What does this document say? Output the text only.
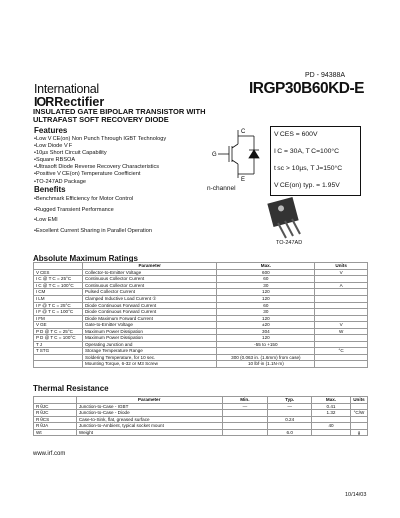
PD - 94388A
International
IOR Rectifier
IRGP30B60KD-E
INSULATED GATE BIPOLAR TRANSISTOR WITH
ULTRAFAST SOFT RECOVERY DIODE
Features
• Low V CE(on) Non Punch Through IGBT Technology
• Low Diode V F
• 10µs Short Circuit Capability
• Square RBSOA
• Ultrasoft Diode Reverse Recovery Characteristics
• Positive V CE(on) Temperature Coefficient
• TO-247AD Package
Benefits
• Benchmark Efficiency for Motor Control
• Rugged Transient Performance
• Low EMI
• Excellent Current Sharing in Parallel Operation
C
G
E
n-channel
V CES = 600V
I C = 30A, T C=100°C
t sc > 10µs, T J=150°C
V CE(on) typ. = 1.95V
TO-247AD
Absolute Maximum Ratings
	Parameter	Max.	Units
V CES	Collector-to-Emitter Voltage	600	V
I C @ T C = 25°C	Continuous Collector Current	60	
I C @ T C = 100°C	Continuous Collector Current	30	A
I CM	Pulsed Collector Current	120	
I LM	Clamped Inductive Load Current ①	120	
I F @ T C = 25°C	Diode Continuous Forward Current	60	
I F @ T C = 100°C	Diode Continuous Forward Current	30	
I FM	Diode Maximum Forward Current	120	
V GE	Gate-to-Emitter Voltage	±20	V
P D @ T C = 25°C	Maximum Power Dissipation	304	W
P D @ T C = 100°C	Maximum Power Dissipation	120	
T J	Operating Junction and	-55 to +150	
T STG	Storage Temperature Range		°C
	Soldering Temperature, for 10 sec.	300 (0.063 in. (1.6mm) from case)	
	Mounting Torque, 6-32 or M3 Screw	10 lbf·in (1.1N·m)	
Thermal Resistance
	Parameter	Min.	Typ.	Max.	Units
R θJC	Junction-to-Case - IGBT	—	—	0.41	
R θJC	Junction-to-Case - Diode			1.32	°C/W
R θCS	Case-to-Sink, flat, greased surface		0.24		
R θJA	Junction-to-Ambient, typical socket mount			40	
Wt	Weight		6.0		g
www.irf.com
10/14/03
